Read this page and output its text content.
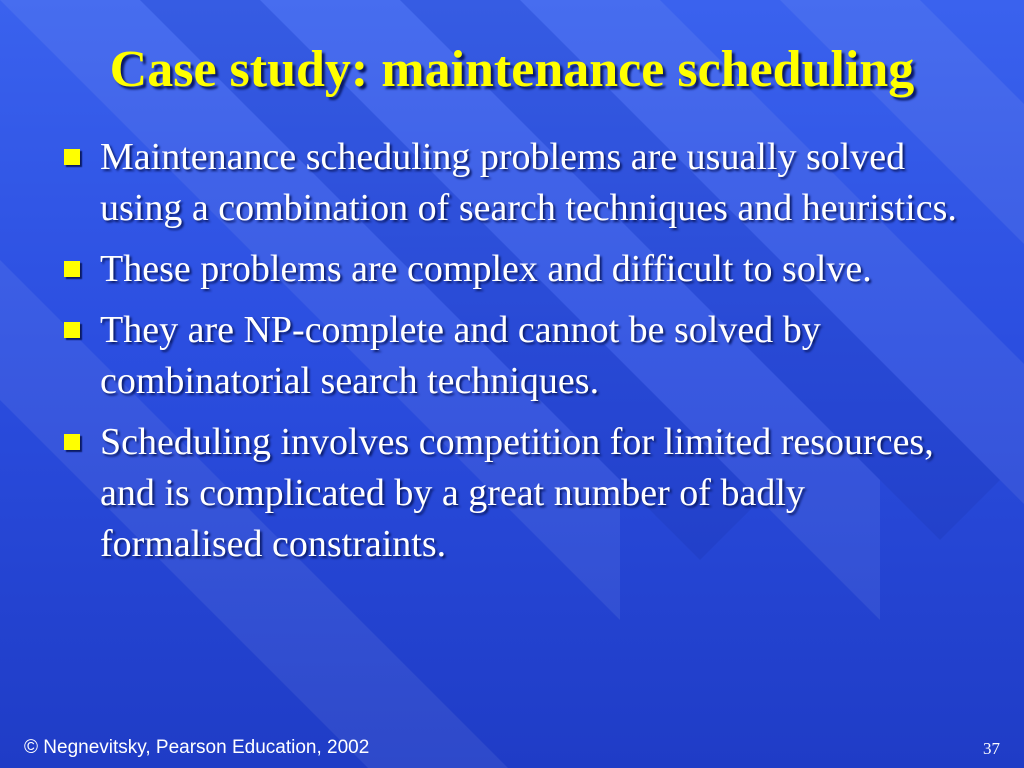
Case study: maintenance scheduling
Maintenance scheduling problems are usually solved using a combination of search techniques and heuristics.
These problems are complex and difficult to solve.
They are NP-complete and cannot be solved by combinatorial search techniques.
Scheduling involves competition for limited resources, and is complicated by a great number of badly formalised constraints.
© Negnevitsky, Pearson Education, 2002	37
